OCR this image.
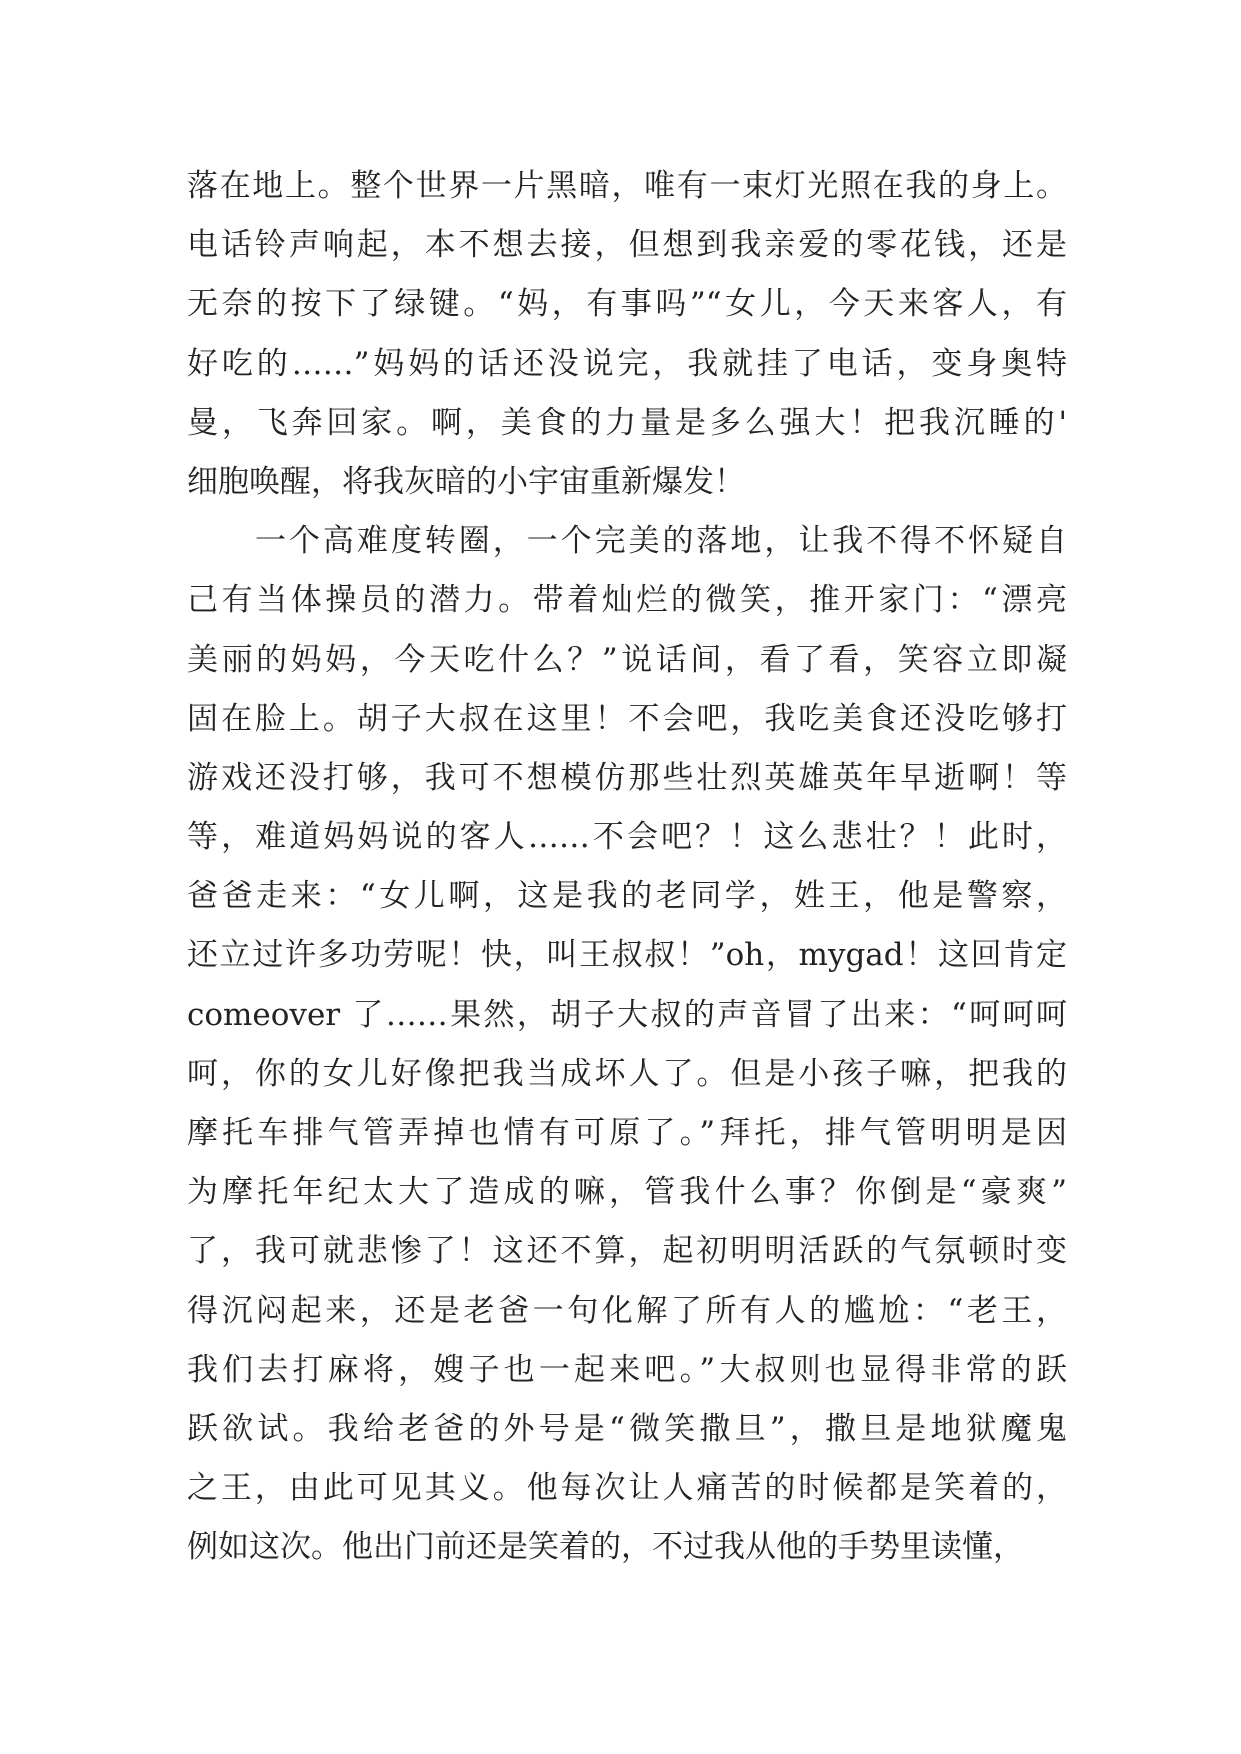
落在地上。整个世界一片黑暗，唯有一束灯光照在我的身上。
电话铃声响起，本不想去接，但想到我亲爱的零花钱，还是
无奈的按下了绿键。“妈，有事吗”“女儿，今天来客人，有
好吃的……”妈妈的话还没说完，我就挂了电话，变身奥特
曼，飞奔回家。啊，美食的力量是多么强大！把我沉睡的'
细胞唤醒，将我灰暗的小宇宙重新爆发！
一个高难度转圈，一个完美的落地，让我不得不怀疑自
己有当体操员的潜力。带着灿烂的微笑，推开家门：“漂亮
美丽的妈妈，今天吃什么？”说话间，看了看，笑容立即凝
固在脸上。胡子大叔在这里！不会吧，我吃美食还没吃够打
游戏还没打够，我可不想模仿那些壮烈英雄英年早逝啊！等
等，难道妈妈说的客人……不会吧？！这么悲壮？！此时，
爸爸走来：“女儿啊，这是我的老同学，姓王，他是警察，
还立过许多功劳呢！快，叫王叔叔！”oh，mygad！这回肯定
comeover 了……果然，胡子大叔的声音冒了出来：“呵呵呵
呵，你的女儿好像把我当成坏人了。但是小孩子嘛，把我的
摩托车排气管弄掉也情有可原了。”拜托，排气管明明是因
为摩托年纪太大了造成的嘛，管我什么事？你倒是“豪爽”
了，我可就悲惨了！这还不算，起初明明活跃的气氛顿时变
得沉闷起来，还是老爸一句化解了所有人的尴尬：“老王，
我们去打麻将，嫂子也一起来吧。”大叔则也显得非常的跃
跃欲试。我给老爸的外号是“微笑撒旦”，撒旦是地狱魔鬼
之王，由此可见其义。他每次让人痛苦的时候都是笑着的，
例如这次。他出门前还是笑着的，不过我从他的手势里读懂，
